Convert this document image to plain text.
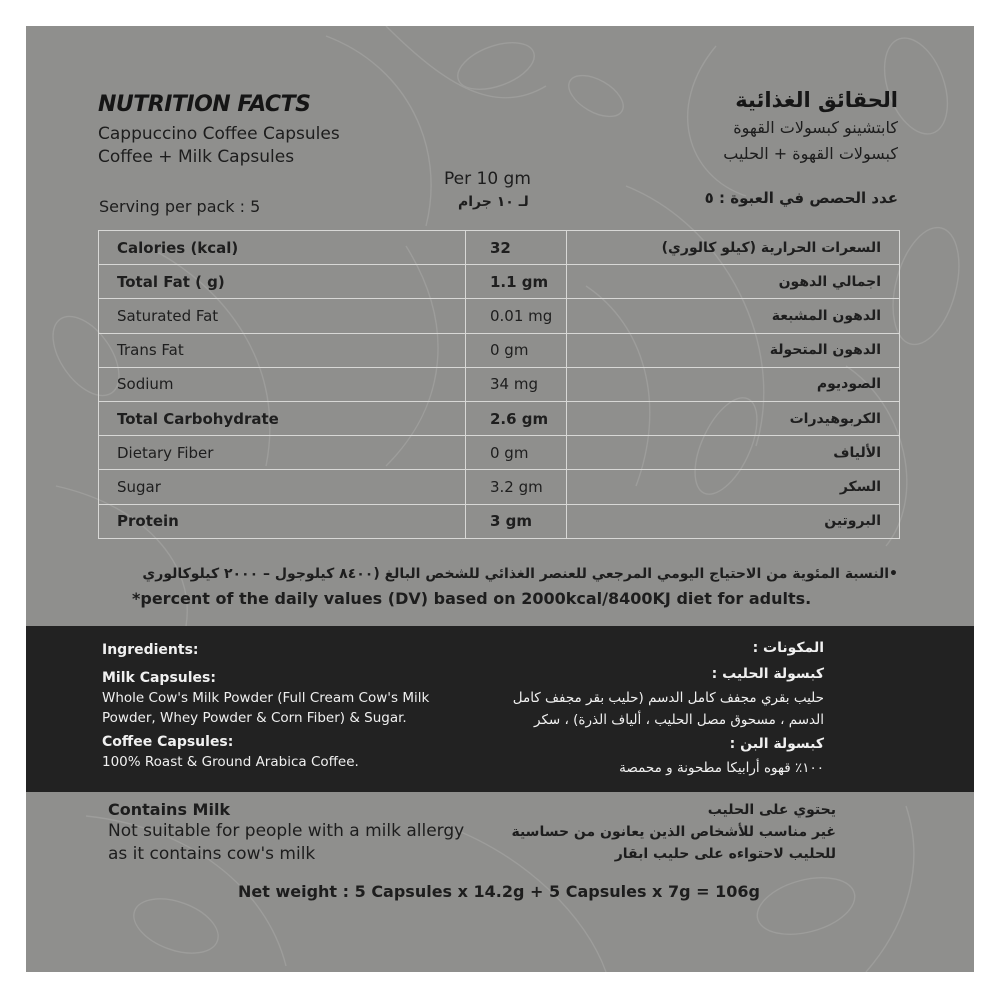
NUTRITION FACTS
Cappuccino Coffee Capsules
Coffee + Milk Capsules
الحقائق الغذائية
كابتشينو كبسولات القهوة
كبسولات القهوة + الحليب
Per 10 gm
لـ ١٠ جرام
Serving per pack : 5	عدد الحصص في العبوة : ٥
Calories (kcal)	32	السعرات الحرارية (كيلو كالوري)
Total Fat ( g)	1.1 gm	اجمالي الدهون
Saturated Fat	0.01 mg	الدهون المشبعة
Trans Fat	0 gm	الدهون المتحولة
Sodium	34 mg	الصوديوم
Total Carbohydrate	2.6 gm	الكربوهيدرات
Dietary Fiber	0 gm	الألياف
Sugar	3.2 gm	السكر
Protein	3 gm	البروتين
•النسبة المئوية من الاحتياج اليومي المرجعي للعنصر الغذائي للشخص البالغ (٨٤٠٠ كيلوجول – ٢٠٠٠ كيلوكالوري
*percent of the daily values (DV) based on 2000kcal/8400KJ diet for adults.
Ingredients:
Milk Capsules:
Whole Cow's Milk Powder (Full Cream Cow's Milk
Powder, Whey Powder & Corn Fiber) & Sugar.
Coffee Capsules:
100% Roast & Ground Arabica Coffee.
المكونات :
كبسولة الحليب :
حليب بقري مجفف كامل الدسم (حليب بقر مجفف كامل
الدسم ، مسحوق مصل الحليب ، ألياف الذرة) ، سكر
كبسولة البن :
١٠٠٪ قهوه أرابيكا مطحونة و محمصة
Contains Milk
Not suitable for people with a milk allergy
as it contains cow's milk
يحتوي على الحليب
غير مناسب للأشخاص الذين يعانون من حساسية
للحليب لاحتواءه على حليب ابقار
Net weight : 5 Capsules x 14.2g + 5 Capsules x 7g = 106g
